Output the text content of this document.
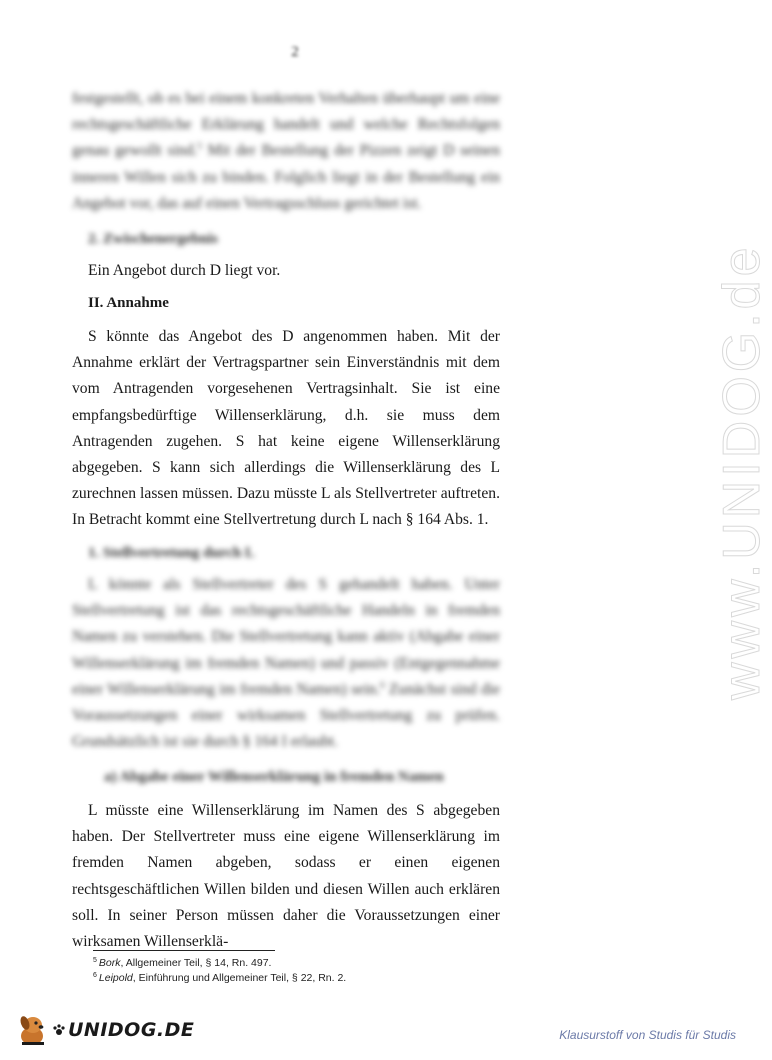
2

festgestellt, ob es bei einem konkreten Verhalten überhaupt um eine rechtsgeschäftliche Erklärung handelt und welche Rechtsfolgen genau gewollt sind.$^5$ Mit der Bestellung der Pizzen zeigt D seinen inneren Willen sich zu binden. Folglich liegt in der Bestellung ein Angebot vor, das auf einen Vertragsschluss gerichtet ist.

2. Zwischenergebnis

Ein Angebot durch D liegt vor.

II. Annahme

S könnte das Angebot des D angenommen haben. Mit der Annahme erklärt der Vertragspartner sein Einverständnis mit dem vom Antragenden vorgesehenen Vertragsinhalt. Sie ist eine empfangsbedürftige Willenserklärung, d.h. sie muss dem Antragenden zugehen. S hat keine eigene Willenserklärung abgegeben. S kann sich allerdings die Willenserklärung des L zurechnen lassen müssen. Dazu müsste L als Stellvertreter auftreten. In Betracht kommt eine Stellvertretung durch L nach § 164 Abs. 1.

1. Stellvertretung durch L

L könnte als Stellvertreter des S gehandelt haben. Unter Stellvertretung ist das rechtsgeschäftliche Handeln in fremden Namen zu verstehen. Die Stellvertretung kann aktiv (Abgabe einer Willenserklärung im fremden Namen) und passiv (Entgegennahme einer Willenserklärung im fremden Namen) sein.$^6$ Zunächst sind die Voraussetzungen einer wirksamen Stellvertretung zu prüfen. Grundsätzlich ist sie durch § 164 I erlaubt.

a) Abgabe einer Willenserklärung in fremden Namen

L müsste eine Willenserklärung im Namen des S abgegeben haben. Der Stellvertreter muss eine eigene Willenserklärung im fremden Namen abgeben, sodass er einen eigenen rechtsgeschäftlichen Willen bilden und diesen Willen auch erklären soll. In seiner Person müssen daher die Voraussetzungen einer wirksamen Willenserklä-

$^5$ Bork, Allgemeiner Teil, § 14, Rn. 497.
$^6$ Leipold, Einführung und Allgemeiner Teil, § 22, Rn. 2.
www.UNIDOG.de
UNIDOG.DE	Klausurstoff von Studis für Studis
